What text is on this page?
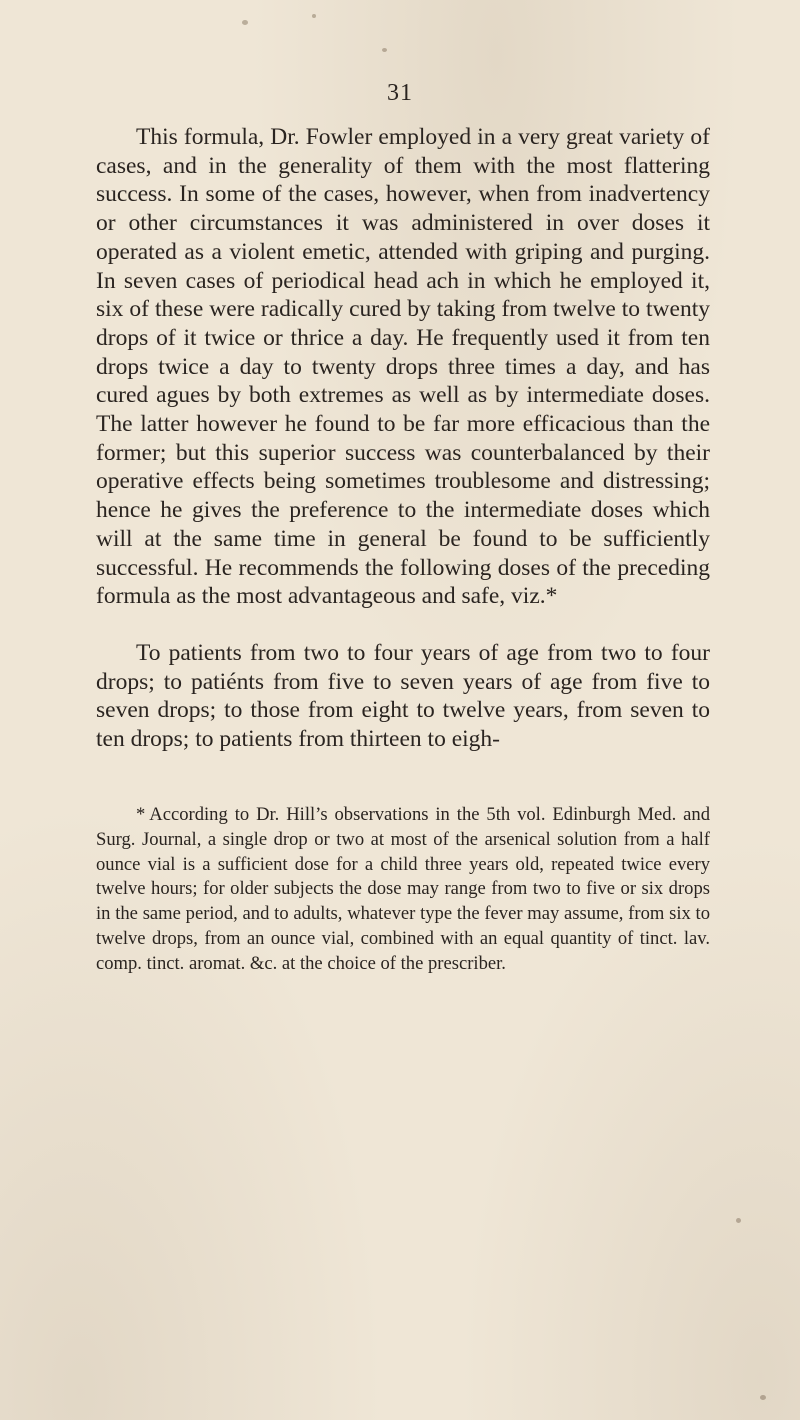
31

This formula, Dr. Fowler employed in a very great variety of cases, and in the generality of them with the most flattering success. In some of the cases, however, when from inadvertency or other circumstances it was administered in over doses it operated as a violent emetic, attended with griping and purging. In seven cases of periodical head ach in which he employed it, six of these were radically cured by taking from twelve to twenty drops of it twice or thrice a day. He frequently used it from ten drops twice a day to twenty drops three times a day, and has cured agues by both extremes as well as by intermediate doses. The latter however he found to be far more efficacious than the former; but this superior success was counterbalanced by their operative effects being sometimes troublesome and distressing; hence he gives the preference to the intermediate doses which will at the same time in general be found to be sufficiently successful. He recommends the following doses of the preceding formula as the most advantageous and safe, viz.*

To patients from two to four years of age from two to four drops; to patiénts from five to seven years of age from five to seven drops; to those from eight to twelve years, from seven to ten drops; to patients from thirteen to eigh-

* According to Dr. Hill’s observations in the 5th vol. Edinburgh Med. and Surg. Journal, a single drop or two at most of the arsenical solution from a half ounce vial is a sufficient dose for a child three years old, repeated twice every twelve hours; for older subjects the dose may range from two to five or six drops in the same period, and to adults, whatever type the fever may assume, from six to twelve drops, from an ounce vial, combined with an equal quantity of tinct. lav. comp. tinct. aromat. &c. at the choice of the prescriber.
